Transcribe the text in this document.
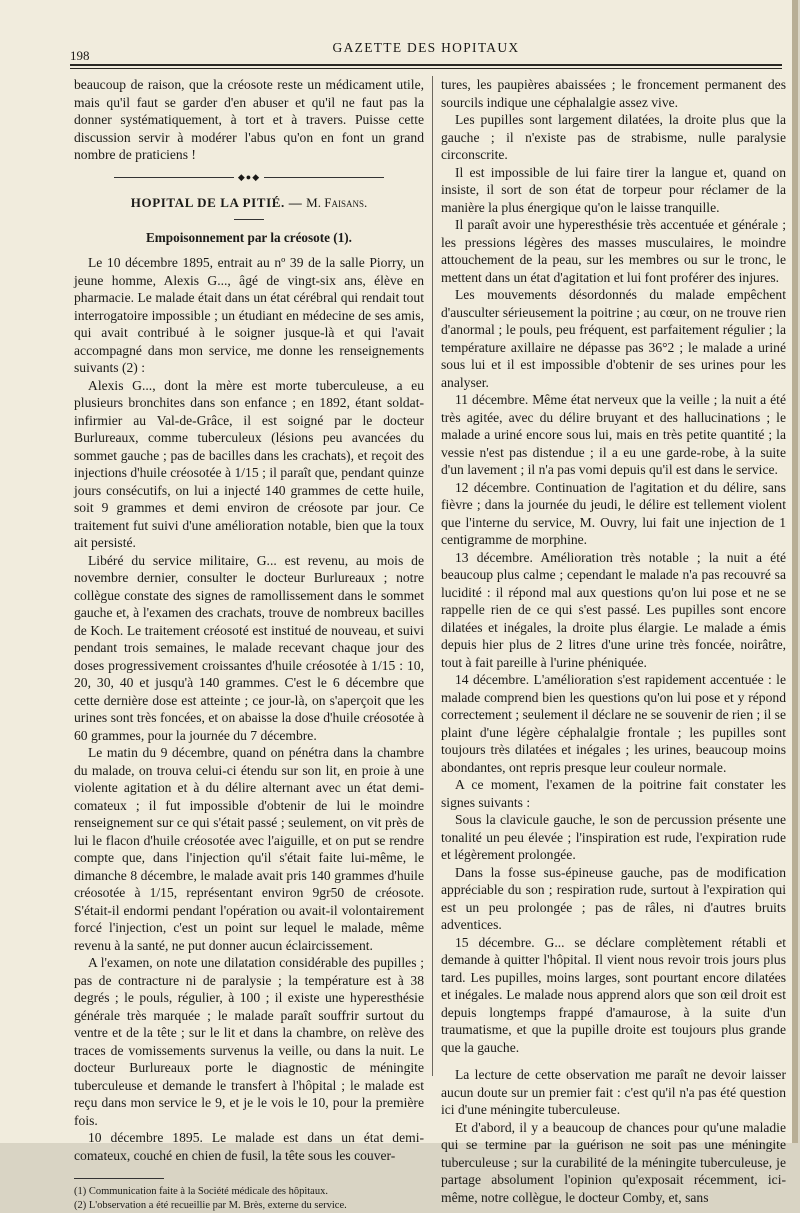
198
GAZETTE DES HOPITAUX

beaucoup de raison, que la créosote reste un médicament utile, mais qu'il faut se garder d'en abuser et qu'il ne faut pas la donner systématiquement, à tort et à travers. Puisse cette discussion servir à modérer l'abus qu'on en font un grand nombre de praticiens !

◆●◆
HOPITAL DE LA PITIÉ. — M. Faisans.
Empoisonnement par la créosote (1).

Le 10 décembre 1895, entrait au nº 39 de la salle Piorry, un jeune homme, Alexis G..., âgé de vingt-six ans, élève en pharmacie. Le malade était dans un état cérébral qui rendait tout interrogatoire impossible ; un étudiant en médecine de ses amis, qui avait contribué à le soigner jusque-là et qui l'avait accompagné dans mon service, me donne les renseignements suivants (2) :

Alexis G..., dont la mère est morte tuberculeuse, a eu plusieurs bronchites dans son enfance ; en 1892, étant soldat-infirmier au Val-de-Grâce, il est soigné par le docteur Burlureaux, comme tuberculeux (lésions peu avancées du sommet gauche ; pas de bacilles dans les crachats), et reçoit des injections d'huile créosotée à 1/15 ; il paraît que, pendant quinze jours consécutifs, on lui a injecté 140 grammes de cette huile, soit 9 grammes et demi environ de créosote par jour. Ce traitement fut suivi d'une amélioration notable, bien que la toux ait persisté.

Libéré du service militaire, G... est revenu, au mois de novembre dernier, consulter le docteur Burlureaux ; notre collègue constate des signes de ramollissement dans le sommet gauche et, à l'examen des crachats, trouve de nombreux bacilles de Koch. Le traitement créosoté est institué de nouveau, et suivi pendant trois semaines, le malade recevant chaque jour des doses progressivement croissantes d'huile créosotée à 1/15 : 10, 20, 30, 40 et jusqu'à 140 grammes. C'est le 6 décembre que cette dernière dose est atteinte ; ce jour-là, on s'aperçoit que les urines sont très foncées, et on abaisse la dose d'huile créosotée à 60 grammes, pour la journée du 7 décembre.

Le matin du 9 décembre, quand on pénétra dans la chambre du malade, on trouva celui-ci étendu sur son lit, en proie à une violente agitation et à du délire alternant avec un état demi-comateux ; il fut impossible d'obtenir de lui le moindre renseignement sur ce qui s'était passé ; seulement, on vit près de lui le flacon d'huile créosotée avec l'aiguille, et on put se rendre compte que, dans l'injection qu'il s'était faite lui-même, le dimanche 8 décembre, le malade avait pris 140 grammes d'huile créosotée à 1/15, représentant environ 9gr50 de créosote. S'était-il endormi pendant l'opération ou avait-il volontairement forcé l'injection, c'est un point sur lequel le malade, même revenu à la santé, ne put donner aucun éclaircissement.

A l'examen, on note une dilatation considérable des pupilles ; pas de contracture ni de paralysie ; la température est à 38 degrés ; le pouls, régulier, à 100 ; il existe une hyperesthésie générale très marquée ; le malade paraît souffrir surtout du ventre et de la tête ; sur le lit et dans la chambre, on relève des traces de vomissements survenus la veille, ou dans la nuit. Le docteur Burlureaux porte le diagnostic de méningite tuberculeuse et demande le transfert à l'hôpital ; le malade est reçu dans mon service le 9, et je le vois le 10, pour la première fois.

10 décembre 1895. Le malade est dans un état demi-comateux, couché en chien de fusil, la tête sous les couver-

(1) Communication faite à la Société médicale des hôpitaux.

(2) L'observation a été recueillie par M. Brès, externe du service.

tures, les paupières abaissées ; le froncement permanent des sourcils indique une céphalalgie assez vive.

Les pupilles sont largement dilatées, la droite plus que la gauche ; il n'existe pas de strabisme, nulle paralysie circonscrite.

Il est impossible de lui faire tirer la langue et, quand on insiste, il sort de son état de torpeur pour réclamer de la manière la plus énergique qu'on le laisse tranquille.

Il paraît avoir une hyperesthésie très accentuée et générale ; les pressions légères des masses musculaires, le moindre attouchement de la peau, sur les membres ou sur le tronc, le mettent dans un état d'agitation et lui font proférer des injures.

Les mouvements désordonnés du malade empêchent d'ausculter sérieusement la poitrine ; au cœur, on ne trouve rien d'anormal ; le pouls, peu fréquent, est parfaitement régulier ; la température axillaire ne dépasse pas 36°2 ; le malade a uriné sous lui et il est impossible d'obtenir de ses urines pour les analyser.

11 décembre. Même état nerveux que la veille ; la nuit a été très agitée, avec du délire bruyant et des hallucinations ; le malade a uriné encore sous lui, mais en très petite quantité ; la vessie n'est pas distendue ; il a eu une garde-robe, à la suite d'un lavement ; il n'a pas vomi depuis qu'il est dans le service.

12 décembre. Continuation de l'agitation et du délire, sans fièvre ; dans la journée du jeudi, le délire est tellement violent que l'interne du service, M. Ouvry, lui fait une injection de 1 centigramme de morphine.

13 décembre. Amélioration très notable ; la nuit a été beaucoup plus calme ; cependant le malade n'a pas recouvré sa lucidité : il répond mal aux questions qu'on lui pose et ne se rappelle rien de ce qui s'est passé. Les pupilles sont encore dilatées et inégales, la droite plus élargie. Le malade a émis depuis hier plus de 2 litres d'une urine très foncée, noirâtre, tout à fait pareille à l'urine phéniquée.

14 décembre. L'amélioration s'est rapidement accentuée : le malade comprend bien les questions qu'on lui pose et y répond correctement ; seulement il déclare ne se souvenir de rien ; il se plaint d'une légère céphalalgie frontale ; les pupilles sont toujours très dilatées et inégales ; les urines, beaucoup moins abondantes, ont repris presque leur couleur normale.

A ce moment, l'examen de la poitrine fait constater les signes suivants :

Sous la clavicule gauche, le son de percussion présente une tonalité un peu élevée ; l'inspiration est rude, l'expiration rude et légèrement prolongée.

Dans la fosse sus-épineuse gauche, pas de modification appréciable du son ; respiration rude, surtout à l'expiration qui est un peu prolongée ; pas de râles, ni d'autres bruits adventices.

15 décembre. G... se déclare complètement rétabli et demande à quitter l'hôpital. Il vient nous revoir trois jours plus tard. Les pupilles, moins larges, sont pourtant encore dilatées et inégales. Le malade nous apprend alors que son œil droit est depuis longtemps frappé d'amaurose, à la suite d'un traumatisme, et que la pupille droite est toujours plus grande que la gauche.

La lecture de cette observation me paraît ne devoir laisser aucun doute sur un premier fait : c'est qu'il n'a pas été question ici d'une méningite tuberculeuse.

Et d'abord, il y a beaucoup de chances pour qu'une maladie qui se termine par la guérison ne soit pas une méningite tuberculeuse ; sur la curabilité de la méningite tuberculeuse, je partage absolument l'opinion qu'exposait récemment, ici-même, notre collègue, le docteur Comby, et, sans
